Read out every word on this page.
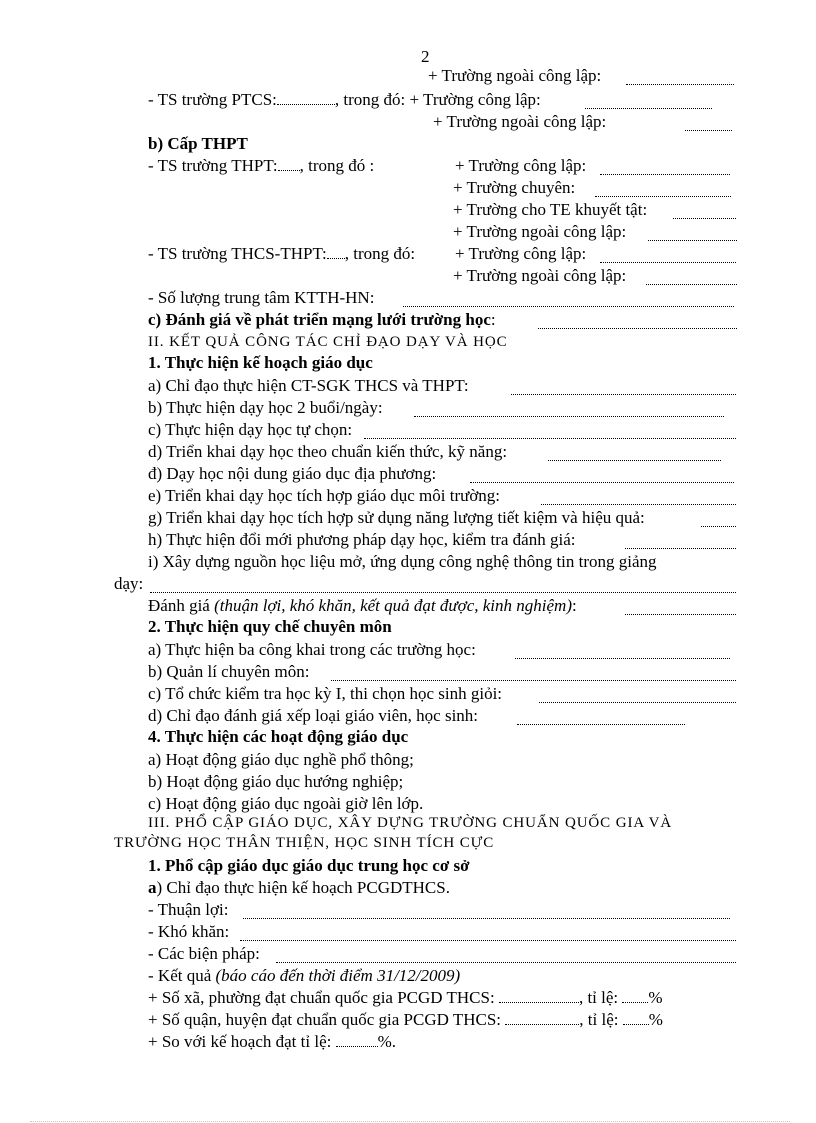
2
+ Trường ngoài công lập:
- TS trường PTCS:	, trong đó: + Trường công lập:
+ Trường ngoài công lập:
b) Cấp THPT
- TS trường THPT: , trong đó :	+ Trường công lập:
+ Trường chuyên:
+ Trường cho TE khuyết tật:
+ Trường ngoài công lập:
- TS trường THCS-THPT: , trong đó: + Trường công lập:
+ Trường ngoài công lập:
- Số lượng trung tâm KTTH-HN:
c) Đánh giá về phát triển mạng lưới trường học:
II. KẾT QUẢ CÔNG TÁC CHỈ ĐẠO DẠY VÀ HỌC
1. Thực hiện kế hoạch giáo dục
a) Chỉ đạo thực hiện CT-SGK THCS và THPT:
b) Thực hiện dạy học 2 buổi/ngày:
c) Thực hiện dạy học tự chọn:
d) Triển khai dạy học theo chuẩn kiến thức, kỹ năng:
đ) Dạy học nội dung giáo dục địa phương:
e) Triển khai dạy học tích hợp giáo dục môi trường:
g) Triển khai dạy học tích hợp sử dụng năng lượng tiết kiệm và hiệu quả:
h) Thực hiện đổi mới phương pháp dạy học, kiểm tra đánh giá:
i) Xây dựng nguồn học liệu mở, ứng dụng công nghệ thông tin trong giảng
dạy:
Đánh giá (thuận lợi, khó khăn, kết quả đạt được, kinh nghiệm):
2. Thực hiện quy chế chuyên môn
a) Thực hiện ba công khai trong các trường học:
b) Quản lí chuyên môn:
c) Tổ chức kiểm tra học kỳ I, thi chọn học sinh giỏi:
d) Chỉ đạo đánh giá xếp loại giáo viên, học sinh:
4. Thực hiện các hoạt động giáo dục
a) Hoạt động giáo dục nghề phổ thông;
b) Hoạt động giáo dục hướng nghiệp;
c) Hoạt động giáo dục ngoài giờ lên lớp.
III. PHỔ CẬP GIÁO DỤC, XÂY DỰNG TRƯỜNG CHUẨN QUỐC GIA VÀ
TRƯỜNG HỌC THÂN THIỆN, HỌC SINH TÍCH CỰC
1. Phổ cập giáo dục giáo dục trung học cơ sở
a) Chỉ đạo thực hiện kế hoạch PCGDTHCS.
- Thuận lợi:
- Khó khăn:
- Các biện pháp:
- Kết quả (báo cáo đến thời điểm 31/12/2009)
+ Số xã, phường đạt chuẩn quốc gia PCGD THCS:	, tỉ lệ: %
+ Số quận, huyện đạt chuẩn quốc gia PCGD THCS:	, tỉ lệ: %
+ So với kế hoạch đạt tỉ lệ:	%.
